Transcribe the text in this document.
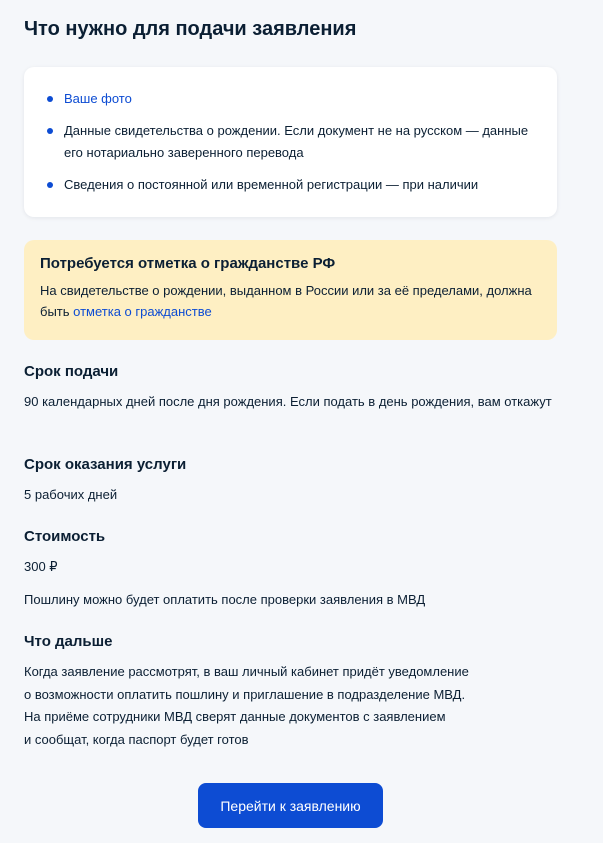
Что нужно для подачи заявления
Ваше фото
Данные свидетельства о рождении. Если документ не на русском — данные его нотариально заверенного перевода
Сведения о постоянной или временной регистрации — при наличии
Потребуется отметка о гражданстве РФ
На свидетельстве о рождении, выданном в России или за её пределами, должна быть отметка о гражданстве
Срок подачи
90 календарных дней после дня рождения. Если подать в день рождения, вам откажут
Срок оказания услуги
5 рабочих дней
Стоимость
300 ₽
Пошлину можно будет оплатить после проверки заявления в МВД
Что дальше
Когда заявление рассмотрят, в ваш личный кабинет придёт уведомление
о возможности оплатить пошлину и приглашение в подразделение МВД.
На приёме сотрудники МВД сверят данные документов с заявлением
и сообщат, когда паспорт будет готов
Перейти к заявлению
